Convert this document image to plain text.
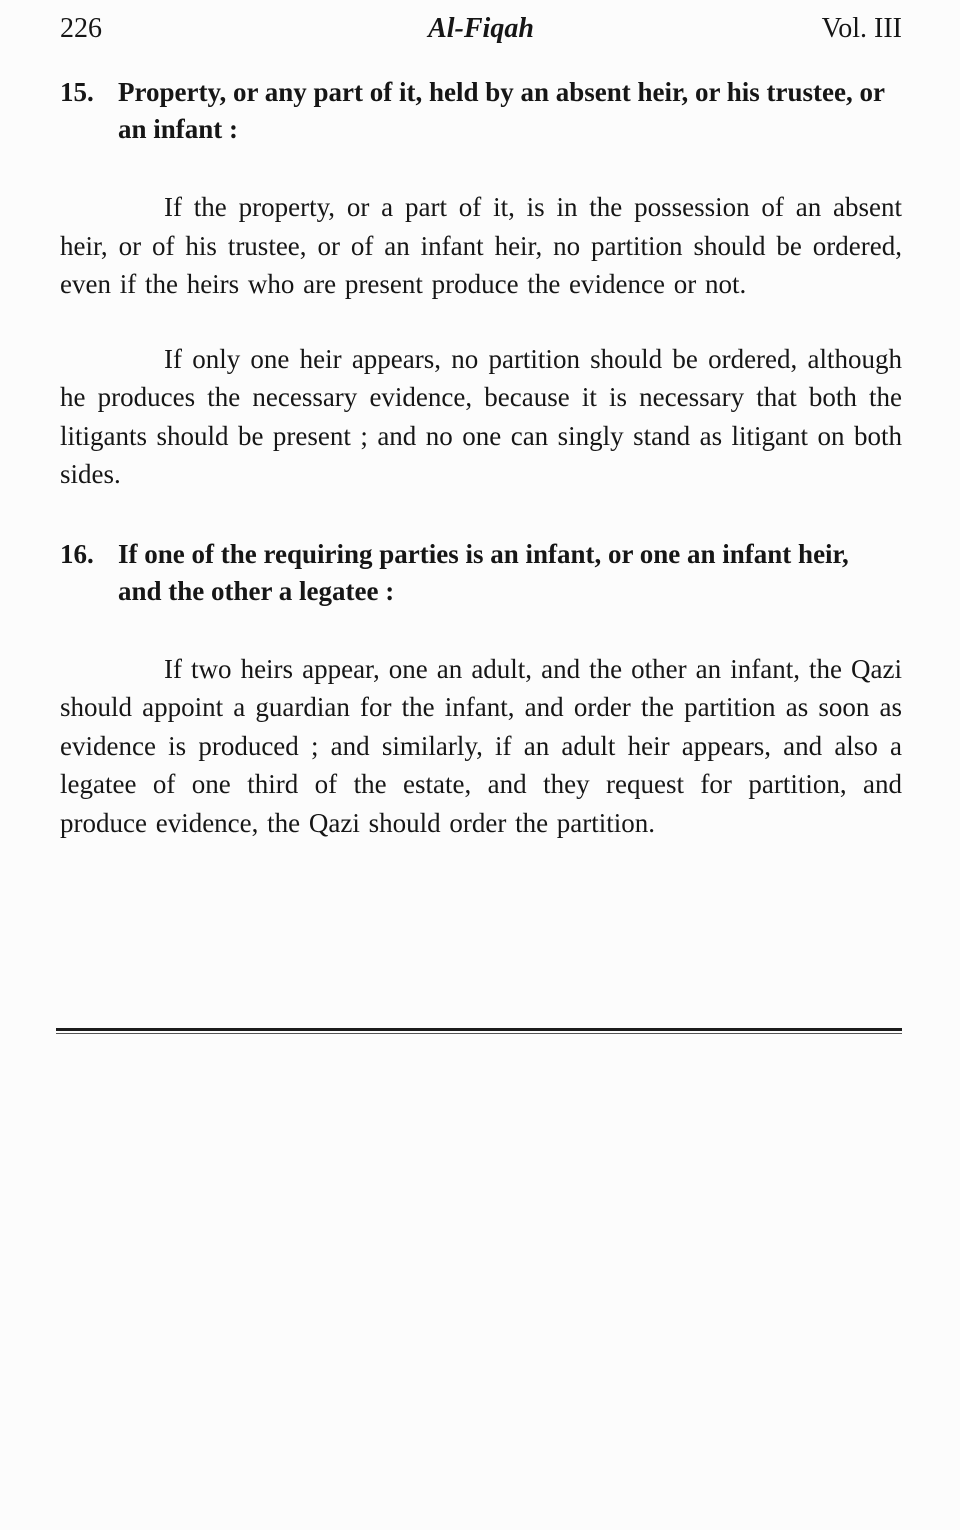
226	Al-Fiqah	Vol. III
15. Property, or any part of it, held by an absent heir, or his trustee, or an infant :

If the property, or a part of it, is in the possession of an absent heir, or of his trustee, or of an infant heir, no partition should be ordered, even if the heirs who are present produce the evidence or not.

If only one heir appears, no partition should be ordered, although he produces the necessary evidence, because it is necessary that both the litigants should be present ; and no one can singly stand as litigant on both sides.

16. If one of the requiring parties is an infant, or one an infant heir, and the other a legatee :

If two heirs appear, one an adult, and the other an infant, the Qazi should appoint a guardian for the infant, and order the partition as soon as evidence is produced ; and similarly, if an adult heir appears, and also a legatee of one third of the estate, and they request for partition, and produce evidence, the Qazi should order the partition.
